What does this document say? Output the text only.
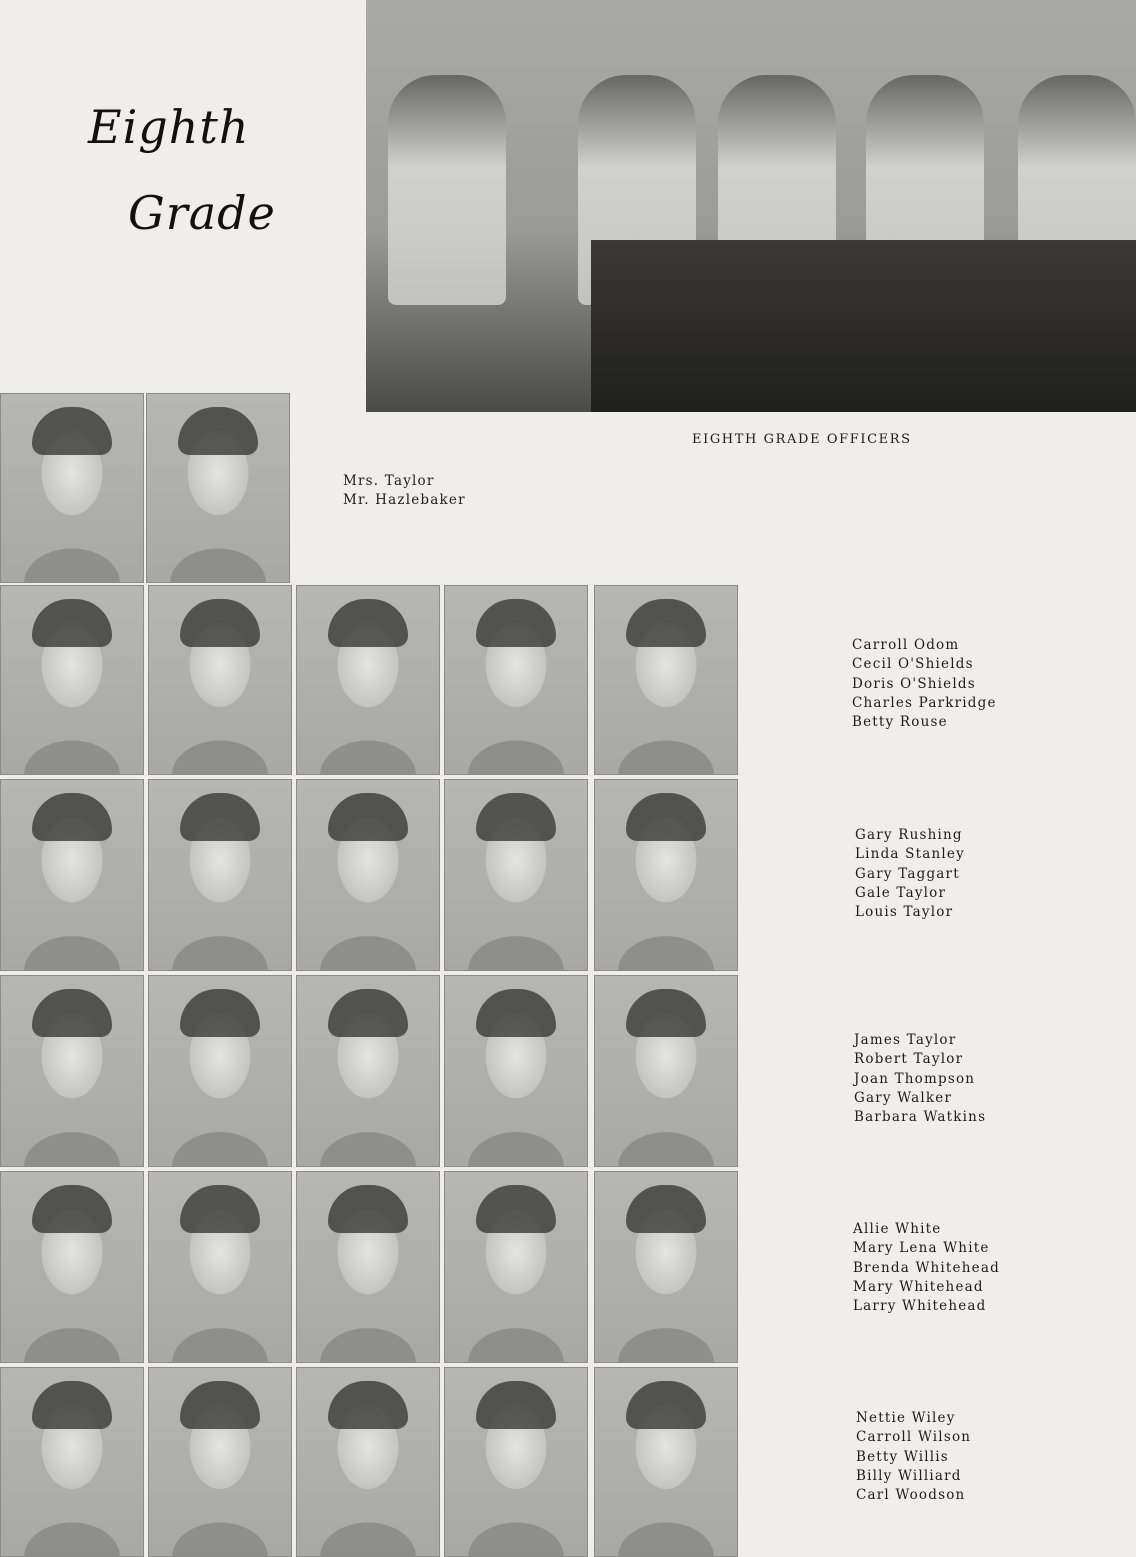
Eighth
Grade
EIGHTH GRADE OFFICERS
Mrs. Taylor
Mr. Hazlebaker
Carroll Odom
Cecil O'Shields
Doris O'Shields
Charles Parkridge
Betty Rouse
Gary Rushing
Linda Stanley
Gary Taggart
Gale Taylor
Louis Taylor
James Taylor
Robert Taylor
Joan Thompson
Gary Walker
Barbara Watkins
Allie White
Mary Lena White
Brenda Whitehead
Mary Whitehead
Larry Whitehead
Nettie Wiley
Carroll Wilson
Betty Willis
Billy Williard
Carl Woodson
